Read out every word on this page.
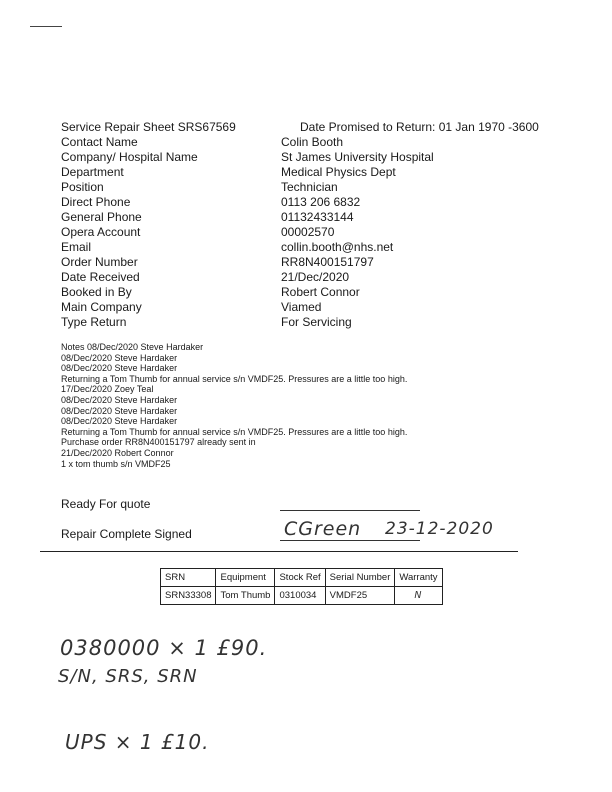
Service Repair Sheet SRS67569	Date Promised to Return: 01 Jan 1970 -3600
Contact Name	Colin Booth
Company/ Hospital Name	St James University Hospital
Department	Medical Physics Dept
Position	Technician
Direct Phone	0113 206 6832
General Phone	01132433144
Opera Account	00002570
Email	collin.booth@nhs.net
Order Number	RR8N400151797
Date Received	21/Dec/2020
Booked in By	Robert Connor
Main Company	Viamed
Type Return	For Servicing
Notes 08/Dec/2020 Steve Hardaker
08/Dec/2020 Steve Hardaker
08/Dec/2020 Steve Hardaker
Returning a Tom Thumb for annual service s/n VMDF25. Pressures are a little too high.
17/Dec/2020 Zoey Teal
08/Dec/2020 Steve Hardaker
08/Dec/2020 Steve Hardaker
08/Dec/2020 Steve Hardaker
Returning a Tom Thumb for annual service s/n VMDF25. Pressures are a little too high.
Purchase order RR8N400151797 already sent in
21/Dec/2020 Robert Connor
1 x tom thumb s/n VMDF25
Ready For quote
Repair Complete Signed	CGreen 23-12-2020
SRN	Equipment	Stock Ref	Serial Number	Warranty
SRN33308	Tom Thumb	0310034	VMDF25	N
0380000 × 1 £90.
S/N, SRS, SRN
UPS × 1 £10.
